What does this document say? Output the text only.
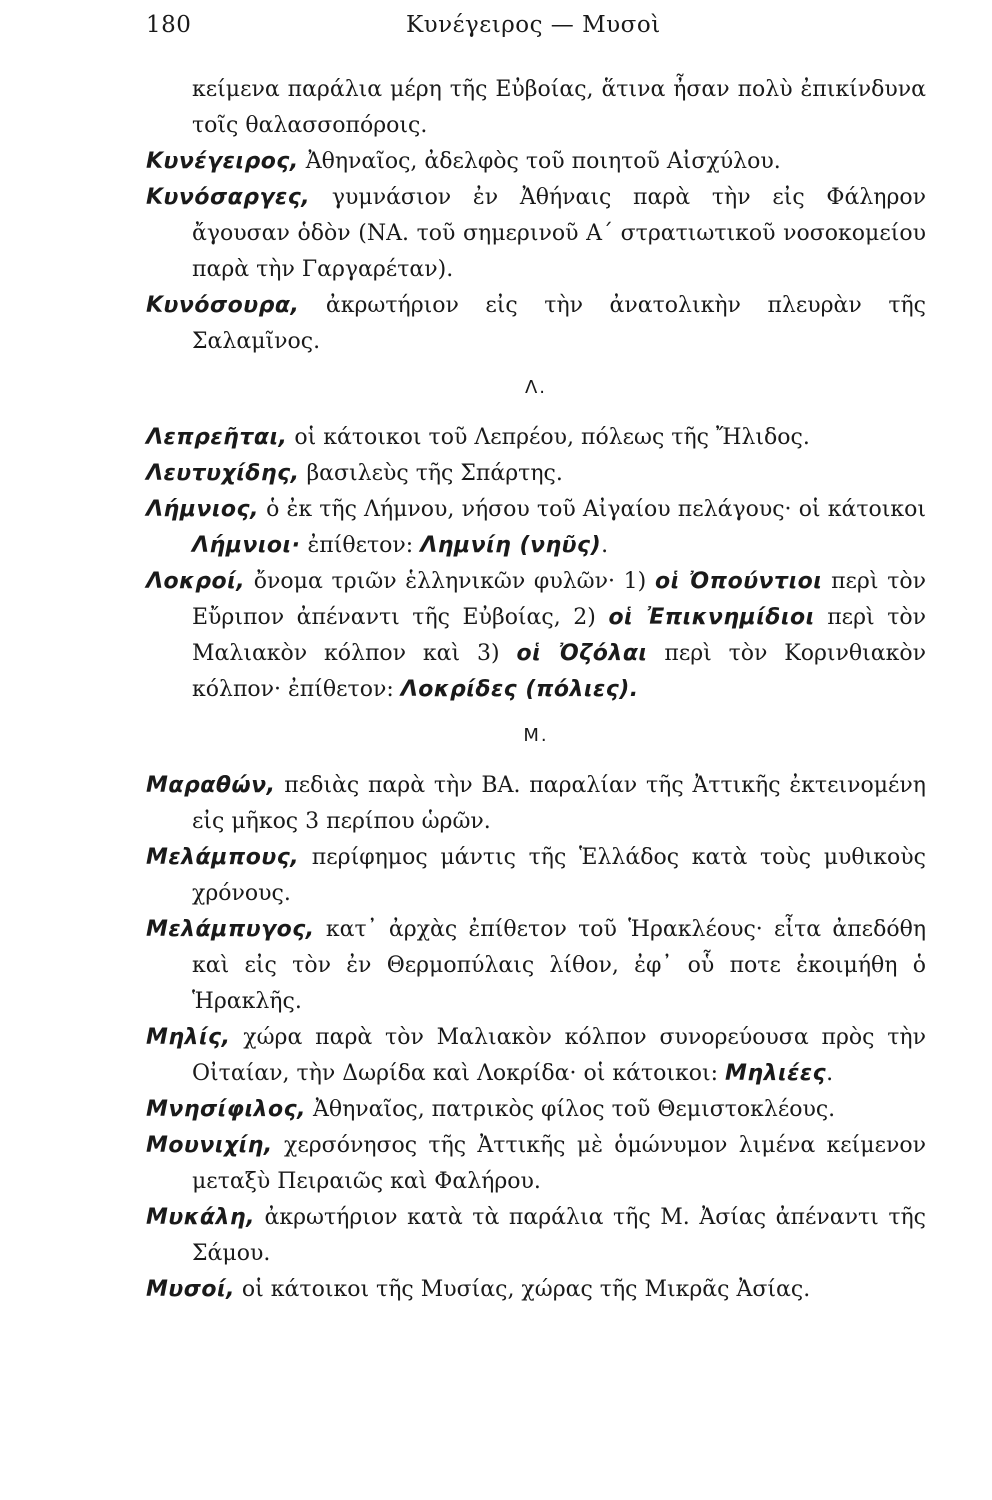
180	Κυνέγειρος — Μυσοὶ
κείμενα παράλια μέρη τῆς Εὐβοίας, ἅτινα ἦσαν πολὺ ἐπικίνδυνα τοῖς θαλασσοπόροις.
Κυνέγειρος, Ἀθηναῖος, ἀδελφὸς τοῦ ποιητοῦ Αἰσχύλου.
Κυνόσαργες, γυμνάσιον ἐν Ἀθήναις παρὰ τὴν εἰς Φάληρον ἄγουσαν ὁδὸν (ΝΑ. τοῦ σημερινοῦ Α΄ στρατιωτικοῦ νοσοκομείου παρὰ τὴν Γαργαρέταν).
Κυνόσουρα, ἀκρωτήριον εἰς τὴν ἀνατολικὴν πλευρὰν τῆς Σαλαμῖνος.
Λ.
Λεπρεῆται, οἱ κάτοικοι τοῦ Λεπρέου, πόλεως τῆς Ἤλιδος.
Λευτυχίδης, βασιλεὺς τῆς Σπάρτης.
Λήμνιος, ὁ ἐκ τῆς Λήμνου, νήσου τοῦ Αἰγαίου πελάγους· οἱ κάτοικοι Λήμνιοι· ἐπίθετον: Λημνίη (νηῦς).
Λοκροί, ὄνομα τριῶν ἑλληνικῶν φυλῶν· 1) οἱ Ὀπούντιοι περὶ τὸν Εὔριπον ἀπέναντι τῆς Εὐβοίας, 2) οἱ Ἐπικνημίδιοι περὶ τὸν Μαλιακὸν κόλπον καὶ 3) οἱ Ὀζόλαι περὶ τὸν Κορινθιακὸν κόλπον· ἐπίθετον: Λοκρίδες (πόλιες).
Μ.
Μαραθών, πεδιὰς παρὰ τὴν ΒΑ. παραλίαν τῆς Ἀττικῆς ἐκτεινομένη εἰς μῆκος 3 περίπου ὡρῶν.
Μελάμπους, περίφημος μάντις τῆς Ἑλλάδος κατὰ τοὺς μυθικοὺς χρόνους.
Μελάμπυγος, κατ᾽ ἀρχὰς ἐπίθετον τοῦ Ἡρακλέους· εἶτα ἀπεδόθη καὶ εἰς τὸν ἐν Θερμοπύλαις λίθον, ἐφ᾽ οὗ ποτε ἐκοιμήθη ὁ Ἡρακλῆς.
Μηλίς, χώρα παρὰ τὸν Μαλιακὸν κόλπον συνορεύουσα πρὸς τὴν Οἰταίαν, τὴν Δωρίδα καὶ Λοκρίδα· οἱ κάτοικοι: Μηλιέες.
Μνησίφιλος, Ἀθηναῖος, πατρικὸς φίλος τοῦ Θεμιστοκλέους.
Μουνιχίη, χερσόνησος τῆς Ἀττικῆς μὲ ὁμώνυμον λιμένα κείμενον μεταξὺ Πειραιῶς καὶ Φαλήρου.
Μυκάλη, ἀκρωτήριον κατὰ τὰ παράλια τῆς Μ. Ἀσίας ἀπέναντι τῆς Σάμου.
Μυσοί, οἱ κάτοικοι τῆς Μυσίας, χώρας τῆς Μικρᾶς Ἀσίας.
